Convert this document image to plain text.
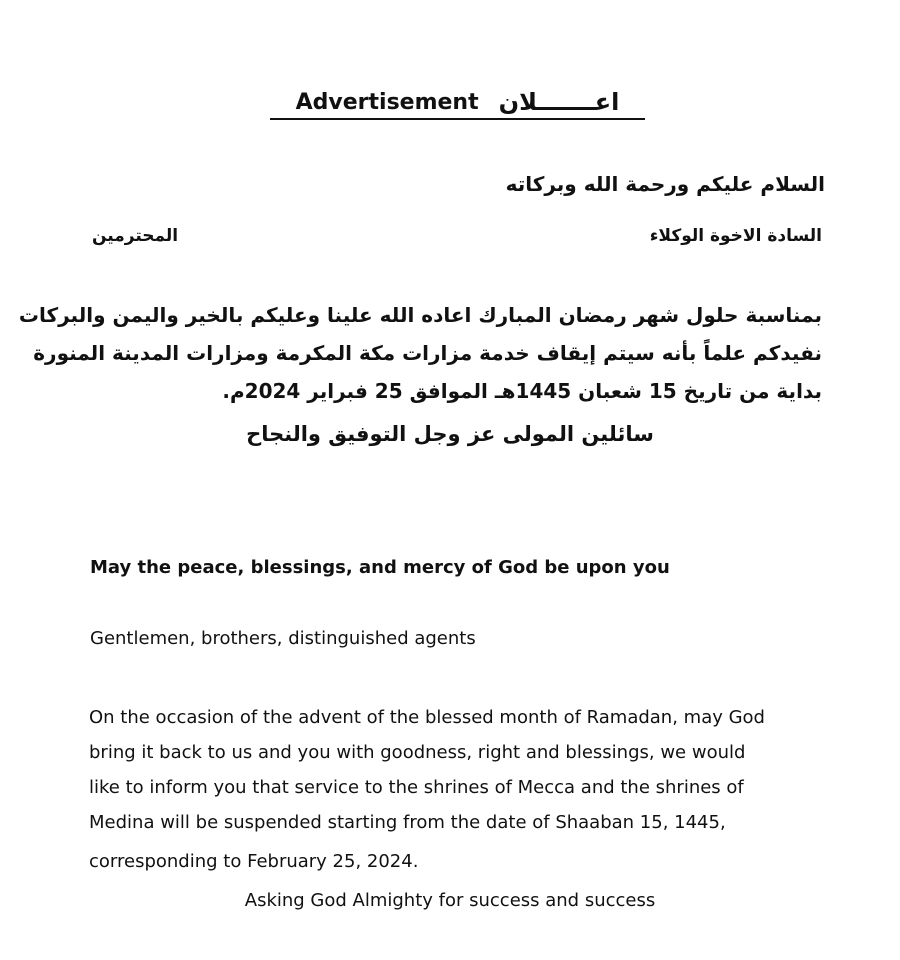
Advertisement اعـــــــلان
السلام عليكم ورحمة الله وبركاته
السادة الاخوة الوكلاء
المحترمين
بمناسبة حلول شهر رمضان المبارك اعاده الله علينا وعليكم بالخير واليمن والبركات
نفيدكم علماً بأنه سيتم إيقاف خدمة مزارات مكة المكرمة ومزارات المدينة المنورة
بداية من تاريخ 15 شعبان 1445هـ الموافق 25 فبراير 2024م.
سائلين المولى عز وجل التوفيق والنجاح
May the peace, blessings, and mercy of God be upon you
Gentlemen, brothers, distinguished agents
On the occasion of the advent of the blessed month of Ramadan, may God
bring it back to us and you with goodness, right and blessings, we would
like to inform you that service to the shrines of Mecca and the shrines of
Medina will be suspended starting from the date of Shaaban 15, 1445,
corresponding to February 25, 2024.
Asking God Almighty for success and success
